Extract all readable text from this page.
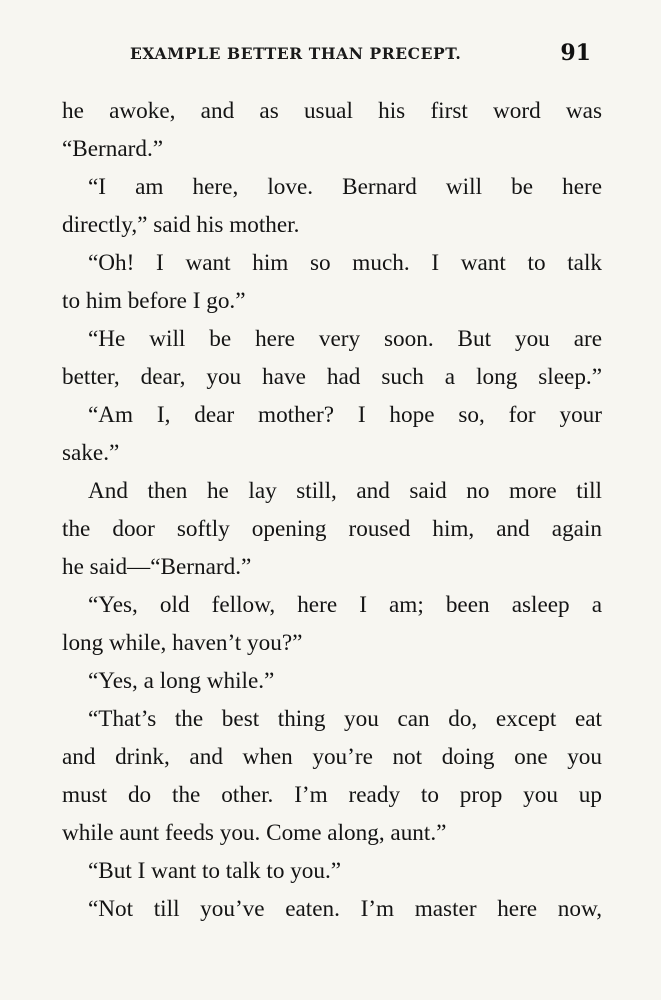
EXAMPLE BETTER THAN PRECEPT.	91
he awoke, and as usual his first word was
“Bernard.”
“I am here, love. Bernard will be here
directly,” said his mother.
“Oh! I want him so much. I want to talk
to him before I go.”
“He will be here very soon. But you are
better, dear, you have had such a long sleep.”
“Am I, dear mother? I hope so, for your
sake.”
And then he lay still, and said no more till
the door softly opening roused him, and again
he said—“Bernard.”
“Yes, old fellow, here I am; been asleep a
long while, haven’t you?”
“Yes, a long while.”
“That’s the best thing you can do, except eat
and drink, and when you’re not doing one you
must do the other. I’m ready to prop you up
while aunt feeds you. Come along, aunt.”
“But I want to talk to you.”
“Not till you’ve eaten. I’m master here now,
